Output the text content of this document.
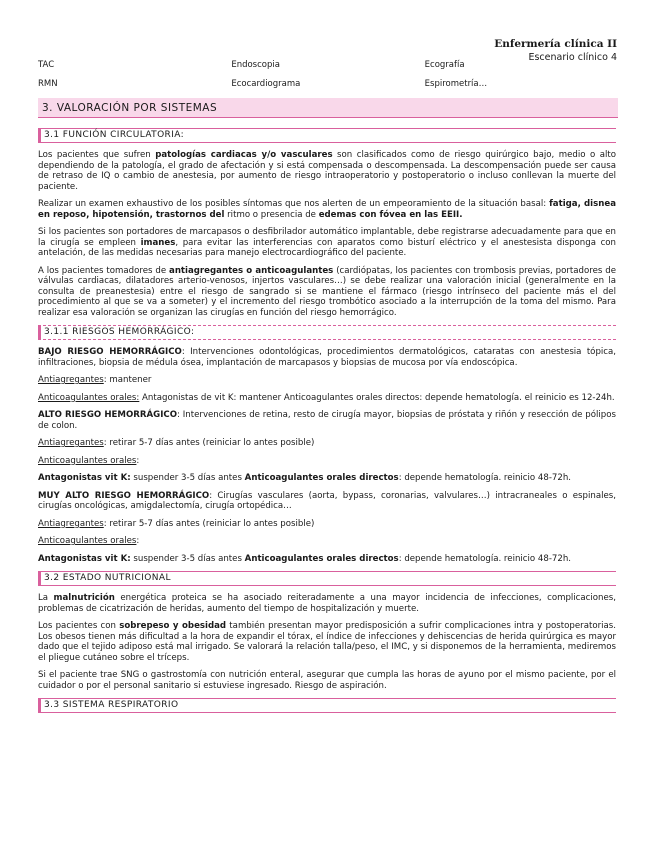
Enfermería clínica II
Escenario clínico 4
TAC	Endoscopia	Ecografía
RMN	Ecocardiograma	Espirometría…
3. VALORACIÓN POR SISTEMAS
3.1 FUNCIÓN CIRCULATORIA:

Los pacientes que sufren patologías cardiacas y/o vasculares son clasificados como de riesgo quirúrgico bajo, medio o alto dependiendo de la patología, el grado de afectación y si está compensada o descompensada. La descompensación puede ser causa de retraso de IQ o cambio de anestesia, por aumento de riesgo intraoperatorio y postoperatorio o incluso conllevan la muerte del paciente.

Realizar un examen exhaustivo de los posibles síntomas que nos alerten de un empeoramiento de la situación basal: fatiga, disnea en reposo, hipotensión, trastornos del ritmo o presencia de edemas con fóvea en las EEII.

Si los pacientes son portadores de marcapasos o desfibrilador automático implantable, debe registrarse adecuadamente para que en la cirugía se empleen imanes, para evitar las interferencias con aparatos como bisturí eléctrico y el anestesista disponga con antelación, de las medidas necesarias para manejo electrocardiográfico del paciente.

A los pacientes tomadores de antiagregantes o anticoagulantes (cardiópatas, los pacientes con trombosis previas, portadores de válvulas cardiacas, dilatadores arterio-venosos, injertos vasculares…) se debe realizar una valoración inicial (generalmente en la consulta de preanestesia) entre el riesgo de sangrado si se mantiene el fármaco (riesgo intrínseco del paciente más el del procedimiento al que se va a someter) y el incremento del riesgo trombótico asociado a la interrupción de la toma del mismo. Para realizar esa valoración se organizan las cirugías en función del riesgo hemorrágico.

3.1.1 RIESGOS HEMORRÁGICO:

BAJO RIESGO HEMORRÁGICO: Intervenciones odontológicas, procedimientos dermatológicos, cataratas con anestesia tópica, infiltraciones, biopsia de médula ósea, implantación de marcapasos y biopsias de mucosa por vía endoscópica.

Antiagregantes: mantener

Anticoagulantes orales: Antagonistas de vit K: mantener Anticoagulantes orales directos: depende hematología. el reinicio es 12-24h.

ALTO RIESGO HEMORRÁGICO: Intervenciones de retina, resto de cirugía mayor, biopsias de próstata y riñón y resección de pólipos de colon.

Antiagregantes: retirar 5-7 días antes (reiniciar lo antes posible)

Anticoagulantes orales:

Antagonistas vit K: suspender 3-5 días antes Anticoagulantes orales directos: depende hematología. reinicio 48-72h.

MUY ALTO RIESGO HEMORRÁGICO: Cirugías vasculares (aorta, bypass, coronarias, valvulares…) intracraneales o espinales, cirugías oncológicas, amigdalectomía, cirugía ortopédica…

Antiagregantes: retirar 5-7 días antes (reiniciar lo antes posible)

Anticoagulantes orales:

Antagonistas vit K: suspender 3-5 días antes Anticoagulantes orales directos: depende hematología. reinicio 48-72h.

3.2 ESTADO NUTRICIONAL

La malnutrición energética proteica se ha asociado reiteradamente a una mayor incidencia de infecciones, complicaciones, problemas de cicatrización de heridas, aumento del tiempo de hospitalización y muerte.

Los pacientes con sobrepeso y obesidad también presentan mayor predisposición a sufrir complicaciones intra y postoperatorias. Los obesos tienen más dificultad a la hora de expandir el tórax, el índice de infecciones y dehiscencias de herida quirúrgica es mayor dado que el tejido adiposo está mal irrigado. Se valorará la relación talla/peso, el IMC, y si disponemos de la herramienta, mediremos el pliegue cutáneo sobre el tríceps.

Si el paciente trae SNG o gastrostomía con nutrición enteral, asegurar que cumpla las horas de ayuno por el mismo paciente, por el cuidador o por el personal sanitario si estuviese ingresado. Riesgo de aspiración.

3.3 SISTEMA RESPIRATORIO
